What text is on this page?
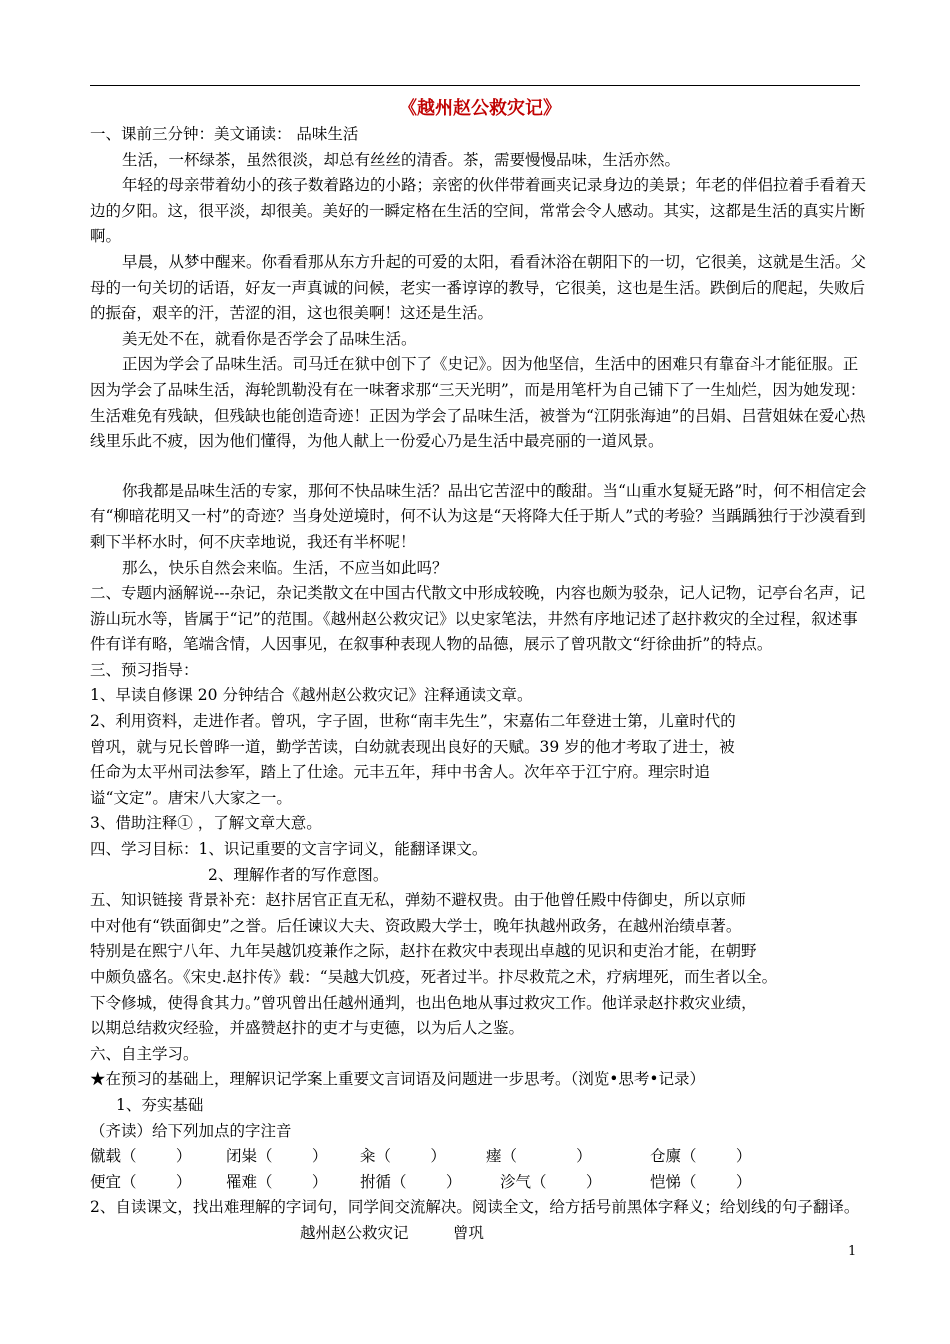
《越州赵公救灾记》

一、课前三分钟：美文诵读： 品味生活

生活，一杯绿茶，虽然很淡，却总有丝丝的清香。茶，需要慢慢品味，生活亦然。

年轻的母亲带着幼小的孩子数着路边的小路；亲密的伙伴带着画夹记录身边的美景；年老的伴侣拉着手看着天边的夕阳。这，很平淡，却很美。美好的一瞬定格在生活的空间，常常会令人感动。其实，这都是生活的真实片断啊。

早晨，从梦中醒来。你看看那从东方升起的可爱的太阳，看看沐浴在朝阳下的一切，它很美，这就是生活。父母的一句关切的话语，好友一声真诚的问候，老实一番谆谆的教导，它很美，这也是生活。跌倒后的爬起，失败后的振奋，艰辛的汗，苦涩的泪，这也很美啊！这还是生活。

美无处不在，就看你是否学会了品味生活。

正因为学会了品味生活。司马迁在狱中创下了《史记》。因为他坚信，生活中的困难只有靠奋斗才能征服。正因为学会了品味生活，海轮凯勒没有在一味奢求那“三天光明”，而是用笔杆为自己铺下了一生灿烂，因为她发现：生活难免有残缺，但残缺也能创造奇迹！正因为学会了品味生活，被誉为“江阴张海迪”的吕娟、吕营姐妹在爱心热线里乐此不疲，因为他们懂得，为他人献上一份爱心乃是生活中最亮丽的一道风景。

你我都是品味生活的专家，那何不快品味生活？品出它苦涩中的酸甜。当“山重水复疑无路”时，何不相信定会有“柳暗花明又一村”的奇迹？当身处逆境时，何不认为这是“天将降大任于斯人”式的考验？当踽踽独行于沙漠看到剩下半杯水时，何不庆幸地说，我还有半杯呢！

那么，快乐自然会来临。生活，不应当如此吗？

二、专题内涵解说---杂记，杂记类散文在中国古代散文中形成较晚，内容也颇为驳杂，记人记物，记亭台名声，记游山玩水等，皆属于“记”的范围。《越州赵公救灾记》以史家笔法，井然有序地记述了赵抃救灾的全过程，叙述事件有详有略，笔端含情，人因事见，在叙事种表现人物的品德，展示了曾巩散文“纡徐曲折”的特点。

三、预习指导：

1、早读自修课 20 分钟结合《越州赵公救灾记》注释通读文章。

2、利用资料，走进作者。曾巩，字子固，世称“南丰先生”，宋嘉佑二年登进士第，儿童时代的

曾巩，就与兄长曾晔一道，勤学苦读，白幼就表现出良好的天赋。39 岁的他才考取了进士，被

任命为太平州司法参军，踏上了仕途。元丰五年，拜中书舍人。次年卒于江宁府。理宗时追

谥“文定”。唐宋八大家之一。

3、借助注释① ，了解文章大意。

四、学习目标：1、识记重要的文言字词义，能翻译课文。

2、理解作者的写作意图。

五、知识链接 背景补充：赵抃居官正直无私，弹劾不避权贵。由于他曾任殿中侍御史，所以京师

中对他有“铁面御史”之誉。后任谏议大夫、资政殿大学士，晚年执越州政务，在越州治绩卓著。

特别是在熙宁八年、九年吴越饥疫兼作之际，赵抃在救灾中表现出卓越的见识和吏治才能，在朝野

中颇负盛名。《宋史.赵抃传》载：“吴越大饥疫，死者过半。抃尽救荒之术，疗病埋死，而生者以全。

下令修城，使得食其力。”曾巩曾出任越州通判，也出色地从事过救灾工作。他详录赵抃救灾业绩，

以期总结救灾经验，并盛赞赵抃的吏才与吏德，以为后人之鉴。

六、自主学习。

★在预习的基础上，理解识记学案上重要文言词语及问题进一步思考。（浏览•思考•记录）

1、夯实基础

（齐读）给下列加点的字注音

僦载（        ）	闭粜（        ）	籴（        ）	瘗（            ）	仓廪（        ）
便宜（        ）	罹难（        ）	拊循（        ）	沴气（        ）	恺悌（        ）

2、自读课文，找出难理解的字词句，同学间交流解决。阅读全文，给方括号前黑体字释义；给划线的句子翻译。

越州赵公救灾记         曾巩

1
